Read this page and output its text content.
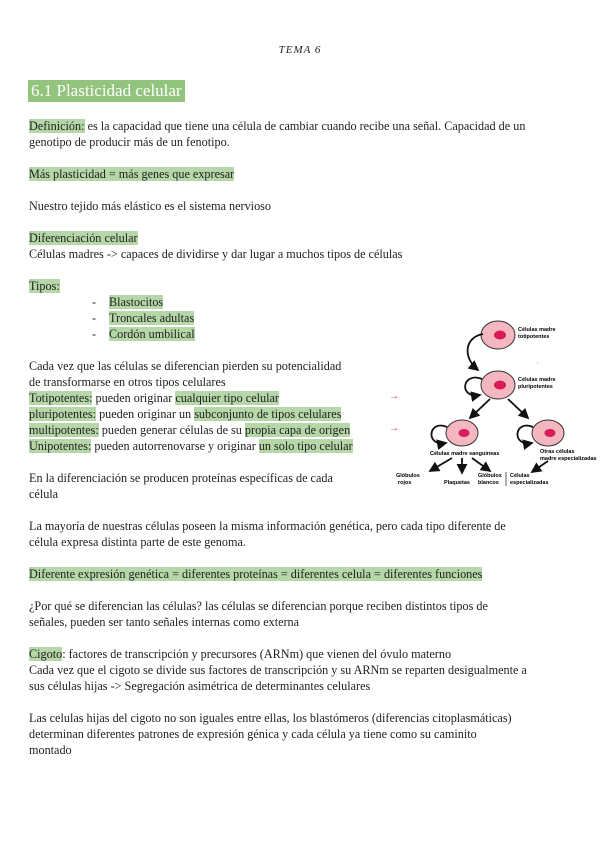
TEMA 6
6.1 Plasticidad celular
Definición: es la capacidad que tiene una célula de cambiar cuando recibe una señal. Capacidad de un
genotipo de producir más de un fenotipo.
Más plasticidad = más genes que expresar
Nuestro tejido más elástico es el sistema nervioso
Diferenciación celular
Células madres -> capaces de dividirse y dar lugar a muchos tipos de células
Tipos:
- Blastocitos
- Troncales adultas
- Cordón umbilical
Cada vez que las células se diferencian pierden su potencialidad
de transformarse en otros tipos celulares
Totipotentes: pueden originar cualquier tipo celular
pluripotentes: pueden originar un subconjunto de tipos celulares
multipotentes: pueden generar células de su propia capa de origen
Unipotentes: pueden autorrenovarse y originar un solo tipo celular
→
→
En la diferenciación se producen proteínas específicas de cada
célula
La mayoría de nuestras células poseen la misma información genética, pero cada tipo diferente de
célula expresa distinta parte de este genoma.
Diferente expresión genética = diferentes proteínas = diferentes celula = diferentes funciones
¿Por qué se diferencian las células? las células se diferencian porque reciben distintos tipos de
señales, pueden ser tanto señales internas como externa
Cigoto: factores de transcripción y precursores (ARNm) que vienen del óvulo materno
Cada vez que el cigoto se divide sus factores de transcripción y su ARNm se reparten desigualmente a
sus células hijas -> Segregación asimétrica de determinantes celulares
Las celulas hijas del cigoto no son iguales entre ellas, los blastómeros (diferencias citoplasmáticas)
determinan diferentes patrones de expresión génica y cada célula ya tiene como su caminito
montado
Células madre
totipotentes
Células madre
pluripotentes
Células madre sanguíneas	Otras células
madre especializadas
Glóbulos
rojos	Plaquetas
Glóbulos
blancos
Células
especializadas
'
